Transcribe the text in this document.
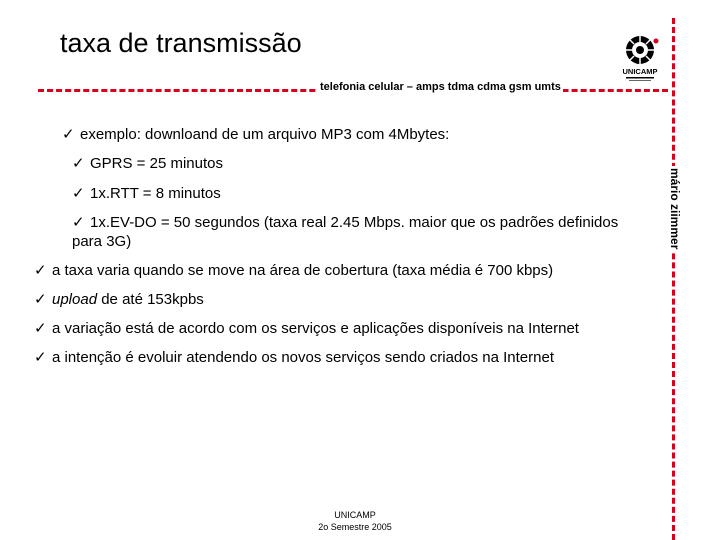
taxa de transmissão
telefonia celular – amps tdma cdma gsm umts
mário ziimmer
UNICAMP
✓ exemplo: downloand de um arquivo MP3 com 4Mbytes:
✓ GPRS = 25 minutos
✓ 1x.RTT = 8 minutos
✓ 1x.EV-DO = 50 segundos (taxa real 2.45 Mbps. maior que os padrões definidos
para 3G)
✓ a taxa varia quando se move na área de cobertura (taxa média é 700 kbps)
✓ upload de até 153kpbs
✓ a variação está de acordo com os serviços e aplicações disponíveis na Internet
✓ a intenção é evoluir atendendo os novos serviços sendo criados na Internet
UNICAMP
2o Semestre 2005
